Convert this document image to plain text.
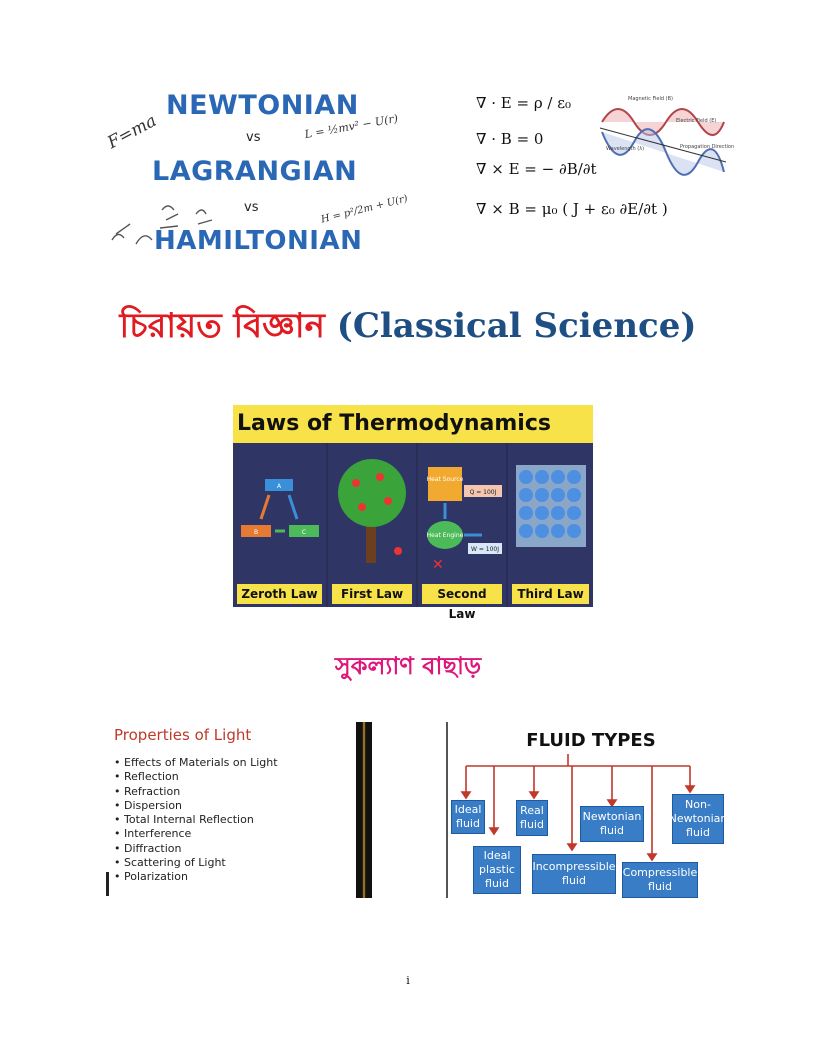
NEWTONIAN
vs
LAGRANGIAN
vs
HAMILTONIAN
F=ma	L = ½mv² − U(r)
H = p²/2m + U(r)
∇ · E = ρ / ε₀
∇ · B = 0
∇ × E = − ∂B/∂t
∇ × B = μ₀ ( J + ε₀ ∂E/∂t )
Magnetic Field (B)
Electric Field (E)
Propagation Direction
Wavelength (λ)
চিরায়ত বিজ্ঞান (Classical Science)
Laws of Thermodynamics
A
B	C
Zeroth Law	First Law
Heat Source
Q = 100J
Heat Engine
W = 100J
✕
Second Law
Third Law
সুকল্যাণ বাছাড়
Properties of Light
• Effects of Materials on Light
• Reflection
• Refraction
• Dispersion
• Total Internal Reflection
• Interference
• Diffraction
• Scattering of Light
• Polarization
FLUID TYPES
Ideal fluid
Ideal plastic fluid
Real fluid
Incompressible fluid
Newtonian fluid
Compressible fluid
Non-Newtonian fluid
i
